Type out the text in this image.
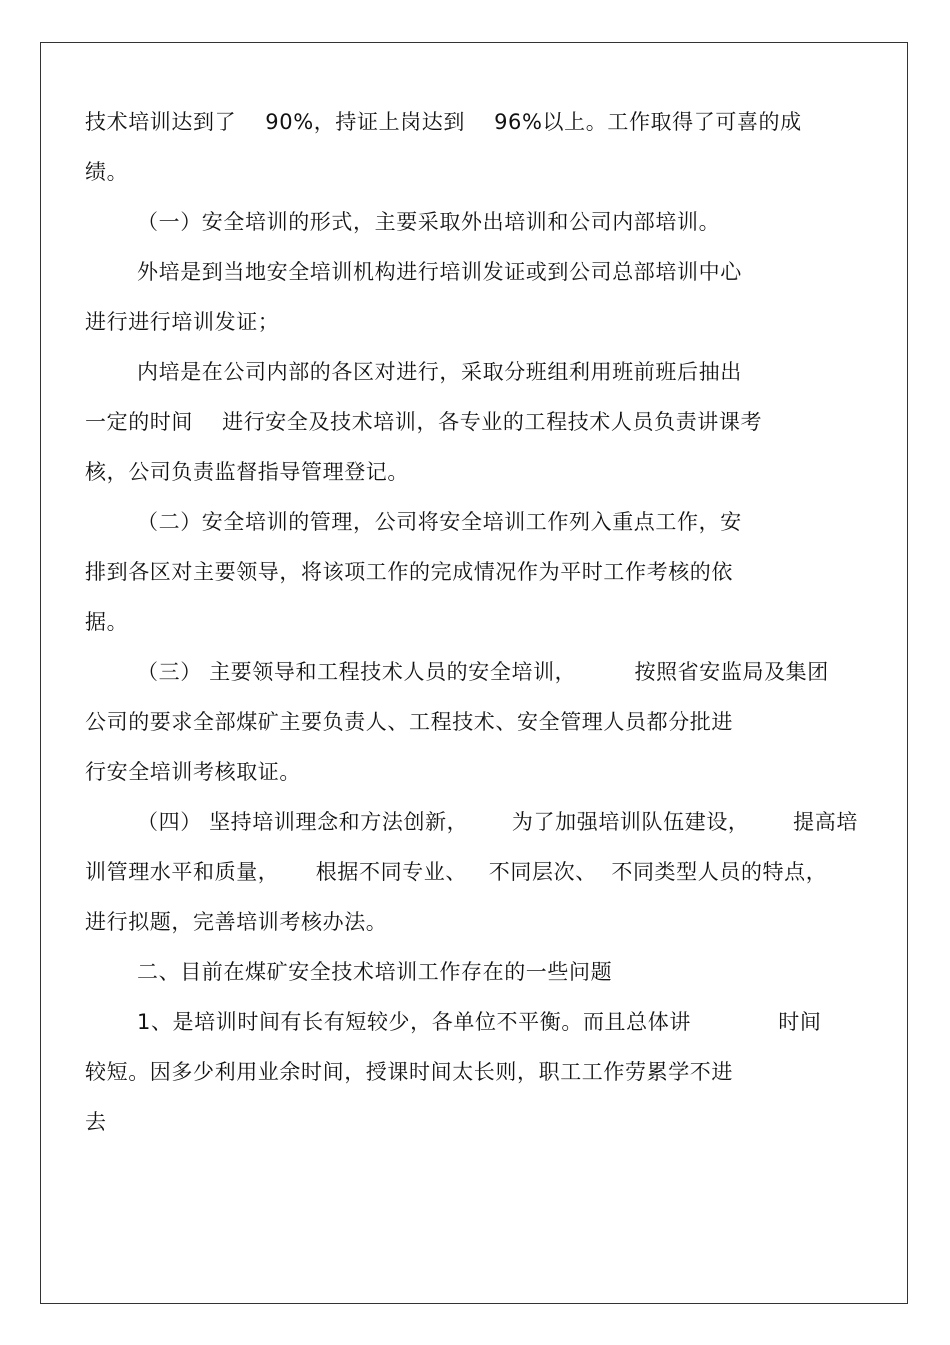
技术培训达到了    90%，持证上岗达到    96%以上。工作取得了可喜的成
绩。
（一）安全培训的形式，主要采取外出培训和公司内部培训。
外培是到当地安全培训机构进行培训发证或到公司总部培训中心
进行进行培训发证；
内培是在公司内部的各区对进行，采取分班组利用班前班后抽出
一定的时间    进行安全及技术培训，各专业的工程技术人员负责讲课考
核，公司负责监督指导管理登记。
（二）安全培训的管理，公司将安全培训工作列入重点工作，安
排到各区对主要领导，将该项工作的完成情况作为平时工作考核的依
据。
（三） 主要领导和工程技术人员的安全培训，        按照省安监局及集团
公司的要求全部煤矿主要负责人、工程技术、安全管理人员都分批进
行安全培训考核取证。
（四） 坚持培训理念和方法创新，      为了加强培训队伍建设，      提高培
训管理水平和质量，     根据不同专业、   不同层次、  不同类型人员的特点，
进行拟题，完善培训考核办法。
二、目前在煤矿安全技术培训工作存在的一些问题
1、是培训时间有长有短较少，各单位不平衡。而且总体讲            时间
较短。因多少利用业余时间，授课时间太长则，职工工作劳累学不进
去
